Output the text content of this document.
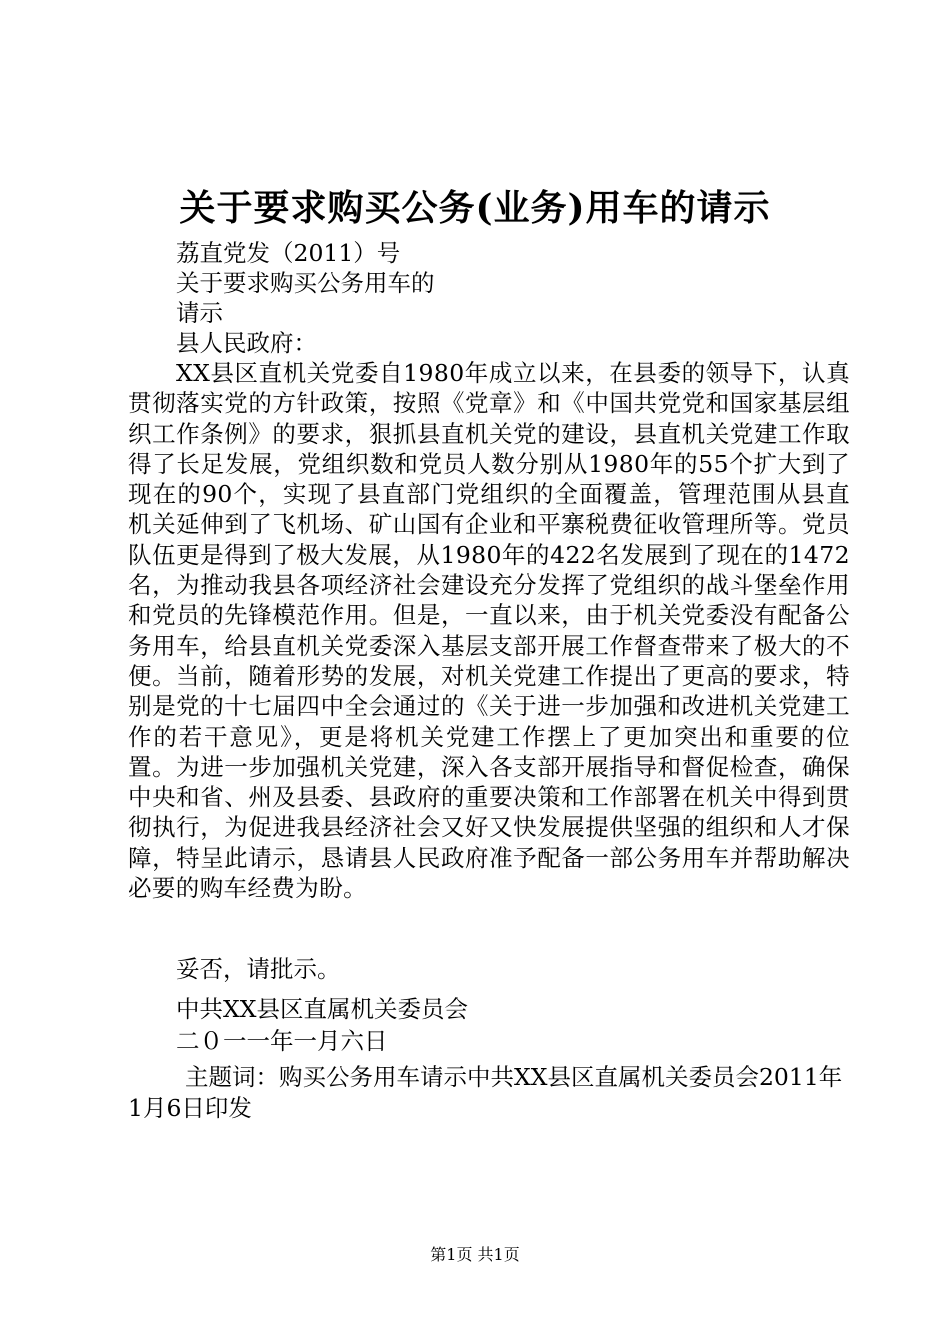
关于要求购买公务(业务)用车的请示
荔直党发（2011）号
关于要求购买公务用车的
请示
县人民政府：
XX县区直机关党委自1980年成立以来，在县委的领导下，认真贯彻落实党的方针政策，按照《党章》和《中国共党党和国家基层组织工作条例》的要求，狠抓县直机关党的建设，县直机关党建工作取得了长足发展，党组织数和党员人数分别从1980年的55个扩大到了现在的90个，实现了县直部门党组织的全面覆盖，管理范围从县直机关延伸到了飞机场、矿山国有企业和平寨税费征收管理所等。党员队伍更是得到了极大发展，从1980年的422名发展到了现在的1472名，为推动我县各项经济社会建设充分发挥了党组织的战斗堡垒作用和党员的先锋模范作用。但是，一直以来，由于机关党委没有配备公务用车，给县直机关党委深入基层支部开展工作督查带来了极大的不便。当前，随着形势的发展，对机关党建工作提出了更高的要求，特别是党的十七届四中全会通过的《关于进一步加强和改进机关党建工作的若干意见》，更是将机关党建工作摆上了更加突出和重要的位置。为进一步加强机关党建，深入各支部开展指导和督促检查，确保中央和省、州及县委、县政府的重要决策和工作部署在机关中得到贯彻执行，为促进我县经济社会又好又快发展提供坚强的组织和人才保障，特呈此请示，恳请县人民政府准予配备一部公务用车并帮助解决必要的购车经费为盼。
妥否，请批示。
中共XX县区直属机关委员会
二０一一年一月六日
主题词：购买公务用车请示中共XX县区直属机关委员会2011年1月6日印发
第1页 共1页
